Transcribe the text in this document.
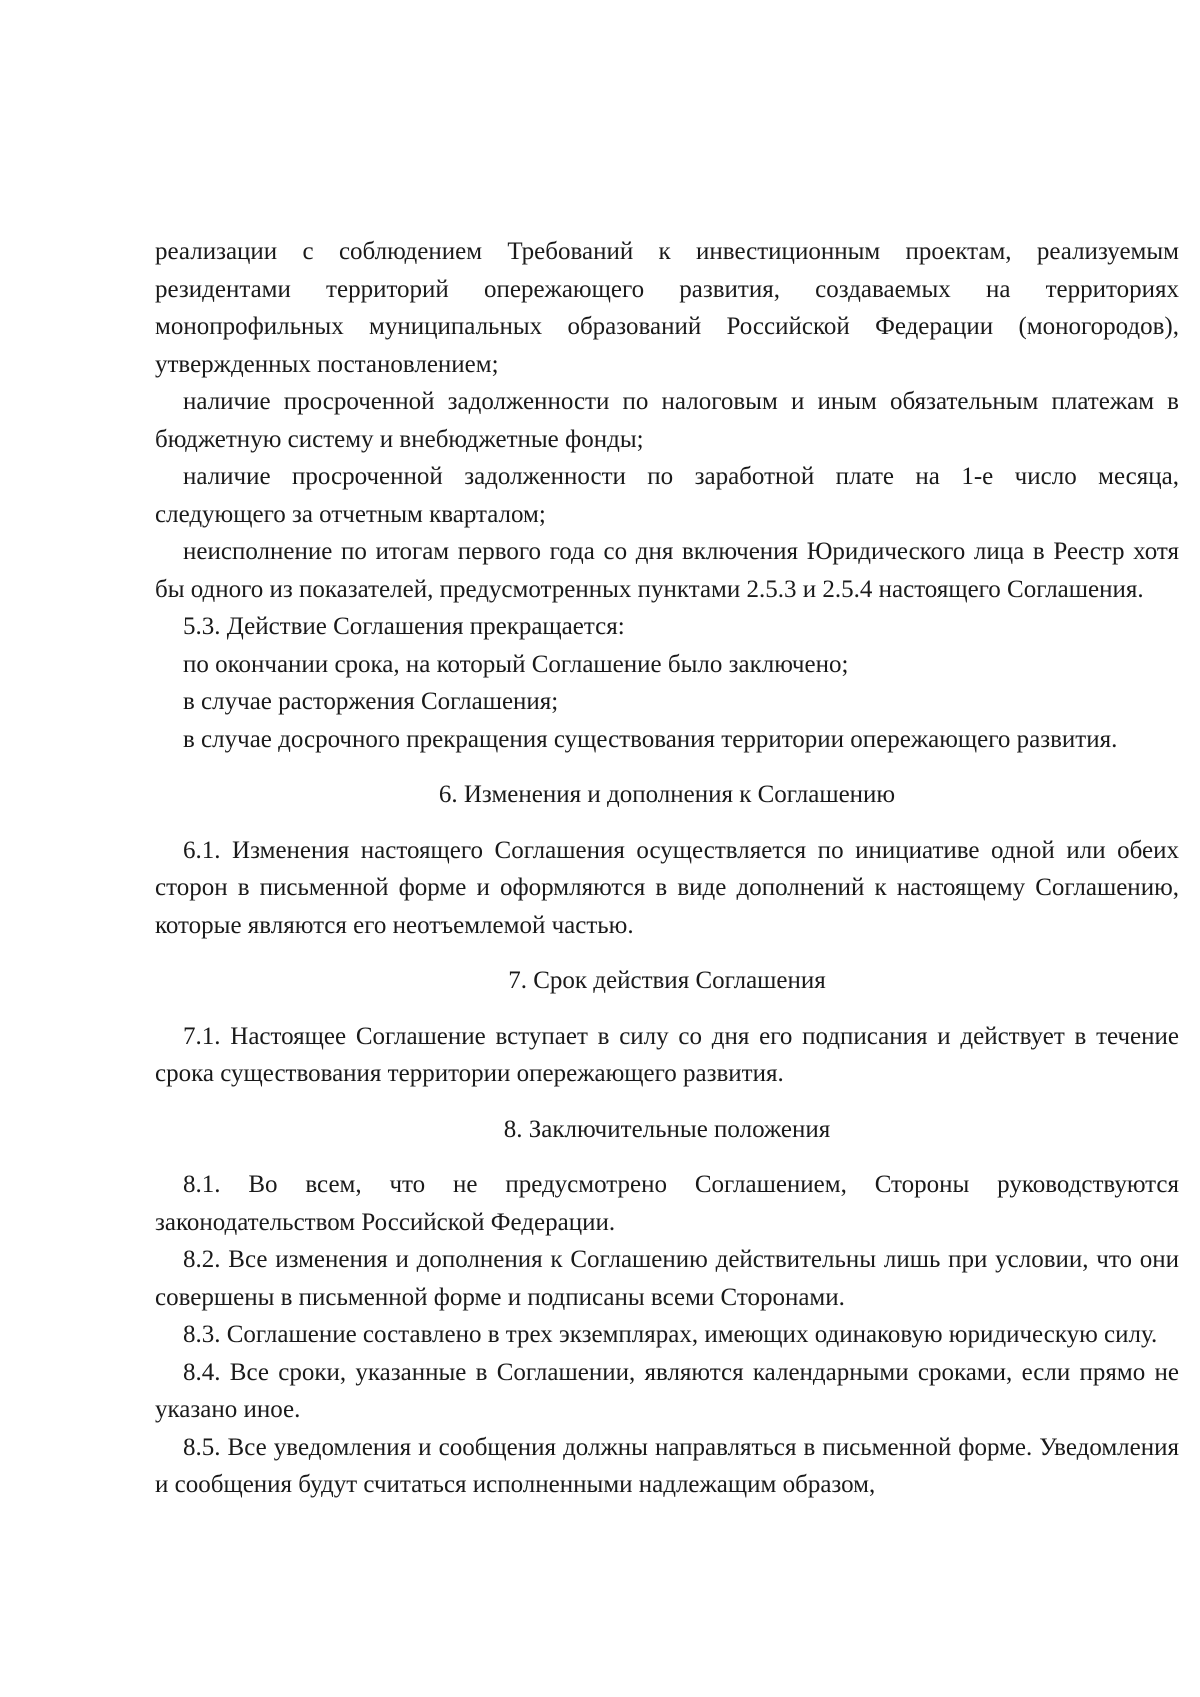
реализации с соблюдением Требований к инвестиционным проектам, реализуемым резидентами территорий опережающего развития, создаваемых на территориях монопрофильных муниципальных образований Российской Федерации (моногородов), утвержденных постановлением;

наличие просроченной задолженности по налоговым и иным обязательным платежам в бюджетную систему и внебюджетные фонды;

наличие просроченной задолженности по заработной плате на 1-е число месяца, следующего за отчетным кварталом;

неисполнение по итогам первого года со дня включения Юридического лица в Реестр хотя бы одного из показателей, предусмотренных пунктами 2.5.3 и 2.5.4 настоящего Соглашения.

5.3. Действие Соглашения прекращается:

по окончании срока, на который Соглашение было заключено;

в случае расторжения Соглашения;

в случае досрочного прекращения существования территории опережающего развития.

6. Изменения и дополнения к Соглашению

6.1. Изменения настоящего Соглашения осуществляется по инициативе одной или обеих сторон в письменной форме и оформляются в виде дополнений к настоящему Соглашению, которые являются его неотъемлемой частью.

7. Срок действия Соглашения

7.1. Настоящее Соглашение вступает в силу со дня его подписания и действует в течение срока существования территории опережающего развития.

8. Заключительные положения

8.1. Во всем, что не предусмотрено Соглашением, Стороны руководствуются законодательством Российской Федерации.

8.2. Все изменения и дополнения к Соглашению действительны лишь при условии, что они совершены в письменной форме и подписаны всеми Сторонами.

8.3. Соглашение составлено в трех экземплярах, имеющих одинаковую юридическую силу.

8.4. Все сроки, указанные в Соглашении, являются календарными сроками, если прямо не указано иное.

8.5. Все уведомления и сообщения должны направляться в письменной форме. Уведомления и сообщения будут считаться исполненными надлежащим образом,
